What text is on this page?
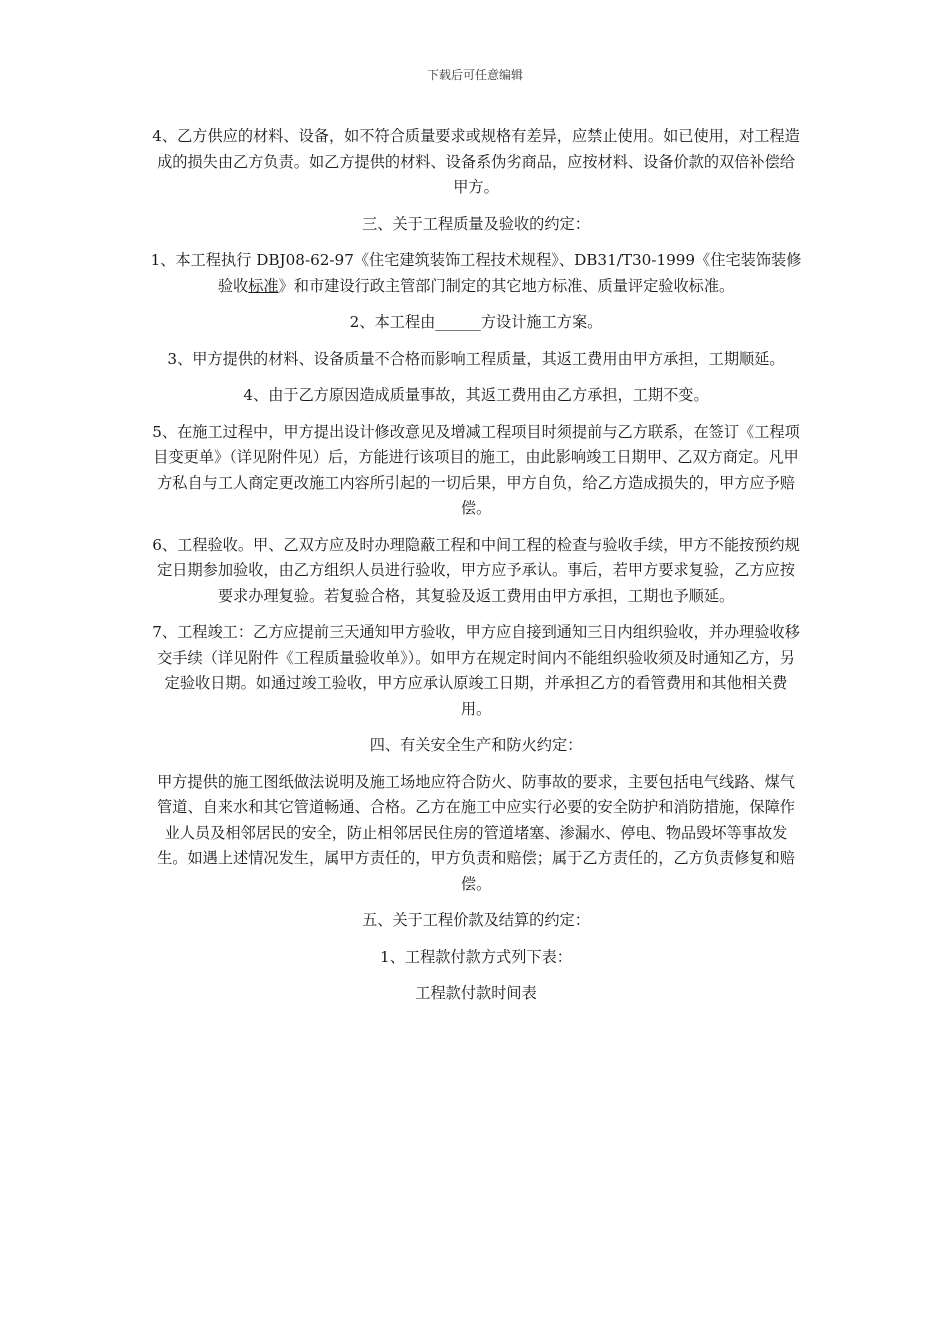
下载后可任意编辑

4、乙方供应的材料、设备，如不符合质量要求或规格有差异，应禁止使用。如已使用，对工程造成的损失由乙方负责。如乙方提供的材料、设备系伪劣商品，应按材料、设备价款的双倍补偿给甲方。

三、关于工程质量及验收的约定：

1、本工程执行 DBJ08-62-97《住宅建筑装饰工程技术规程》、DB31/T30-1999《住宅装饰装修验收标准》和市建设行政主管部门制定的其它地方标准、质量评定验收标准。

2、本工程由______方设计施工方案。

3、甲方提供的材料、设备质量不合格而影响工程质量，其返工费用由甲方承担，工期顺延。

4、由于乙方原因造成质量事故，其返工费用由乙方承担，工期不变。

5、在施工过程中，甲方提出设计修改意见及增减工程项目时须提前与乙方联系，在签订《工程项目变更单》（详见附件见）后，方能进行该项目的施工，由此影响竣工日期甲、乙双方商定。凡甲方私自与工人商定更改施工内容所引起的一切后果，甲方自负，给乙方造成损失的，甲方应予赔偿。

6、工程验收。甲、乙双方应及时办理隐蔽工程和中间工程的检查与验收手续，甲方不能按预约规定日期参加验收，由乙方组织人员进行验收，甲方应予承认。事后，若甲方要求复验，乙方应按要求办理复验。若复验合格，其复验及返工费用由甲方承担，工期也予顺延。

7、工程竣工：乙方应提前三天通知甲方验收，甲方应自接到通知三日内组织验收，并办理验收移交手续（详见附件《工程质量验收单》）。如甲方在规定时间内不能组织验收须及时通知乙方，另定验收日期。如通过竣工验收，甲方应承认原竣工日期，并承担乙方的看管费用和其他相关费用。

四、有关安全生产和防火约定：

甲方提供的施工图纸做法说明及施工场地应符合防火、防事故的要求，主要包括电气线路、煤气管道、自来水和其它管道畅通、合格。乙方在施工中应实行必要的安全防护和消防措施，保障作业人员及相邻居民的安全，防止相邻居民住房的管道堵塞、渗漏水、停电、物品毁坏等事故发生。如遇上述情况发生，属甲方责任的，甲方负责和赔偿；属于乙方责任的，乙方负责修复和赔偿。

五、关于工程价款及结算的约定：

1、工程款付款方式列下表：

工程款付款时间表
